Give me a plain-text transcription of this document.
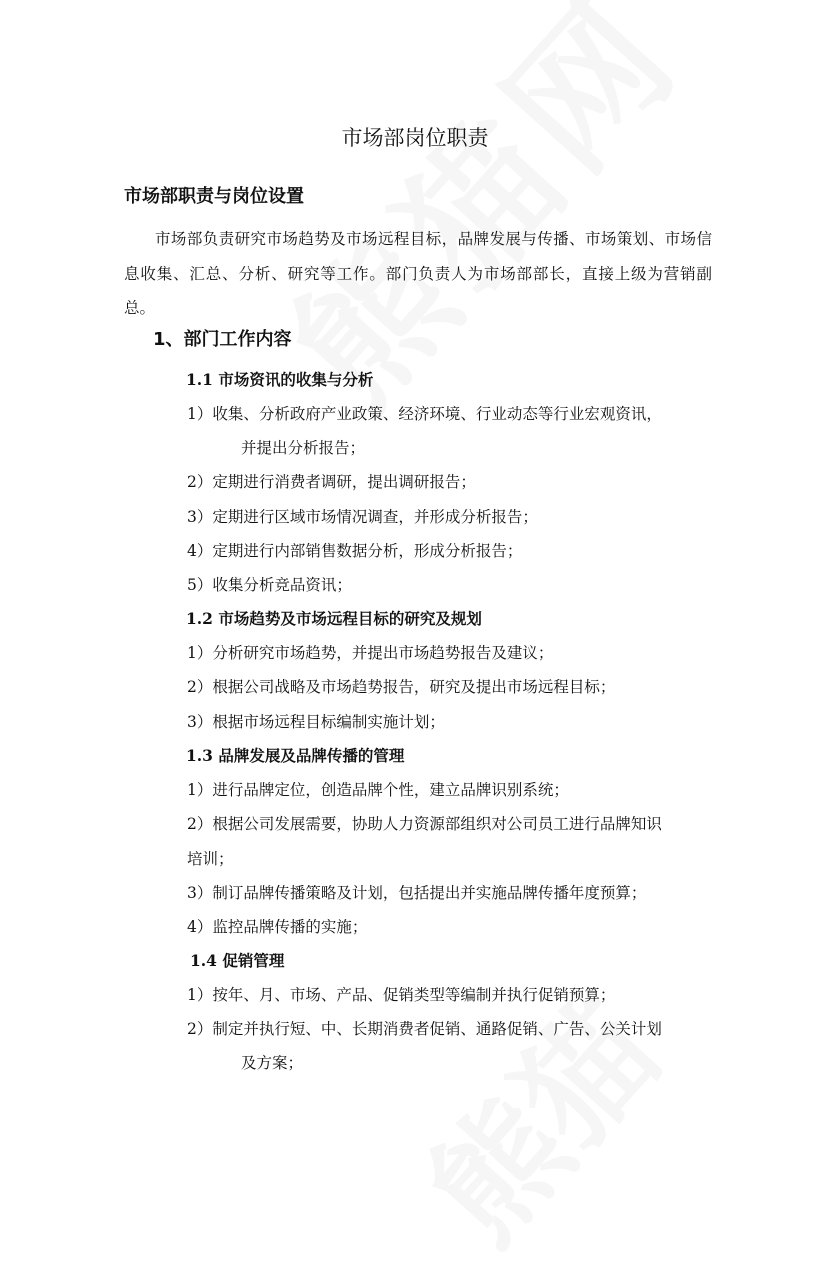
市场部岗位职责
市场部职责与岗位设置
市场部负责研究市场趋势及市场远程目标，品牌发展与传播、市场策划、市场信息收集、汇总、分析、研究等工作。部门负责人为市场部部长，直接上级为营销副总。
1、部门工作内容
1.1 市场资讯的收集与分析
1）收集、分析政府产业政策、经济环境、行业动态等行业宏观资讯，
并提出分析报告；
2）定期进行消费者调研，提出调研报告；
3）定期进行区域市场情况调查，并形成分析报告；
4）定期进行内部销售数据分析，形成分析报告；
5）收集分析竞品资讯；
1.2 市场趋势及市场远程目标的研究及规划
1）分析研究市场趋势，并提出市场趋势报告及建议；
2）根据公司战略及市场趋势报告，研究及提出市场远程目标；
3）根据市场远程目标编制实施计划；
1.3 品牌发展及品牌传播的管理
1）进行品牌定位，创造品牌个性，建立品牌识别系统；
2）根据公司发展需要，协助人力资源部组织对公司员工进行品牌知识
培训；
3）制订品牌传播策略及计划，包括提出并实施品牌传播年度预算；
4）监控品牌传播的实施；
1.4 促销管理
1）按年、月、市场、产品、促销类型等编制并执行促销预算；
2）制定并执行短、中、长期消费者促销、通路促销、广告、公关计划
及方案；
